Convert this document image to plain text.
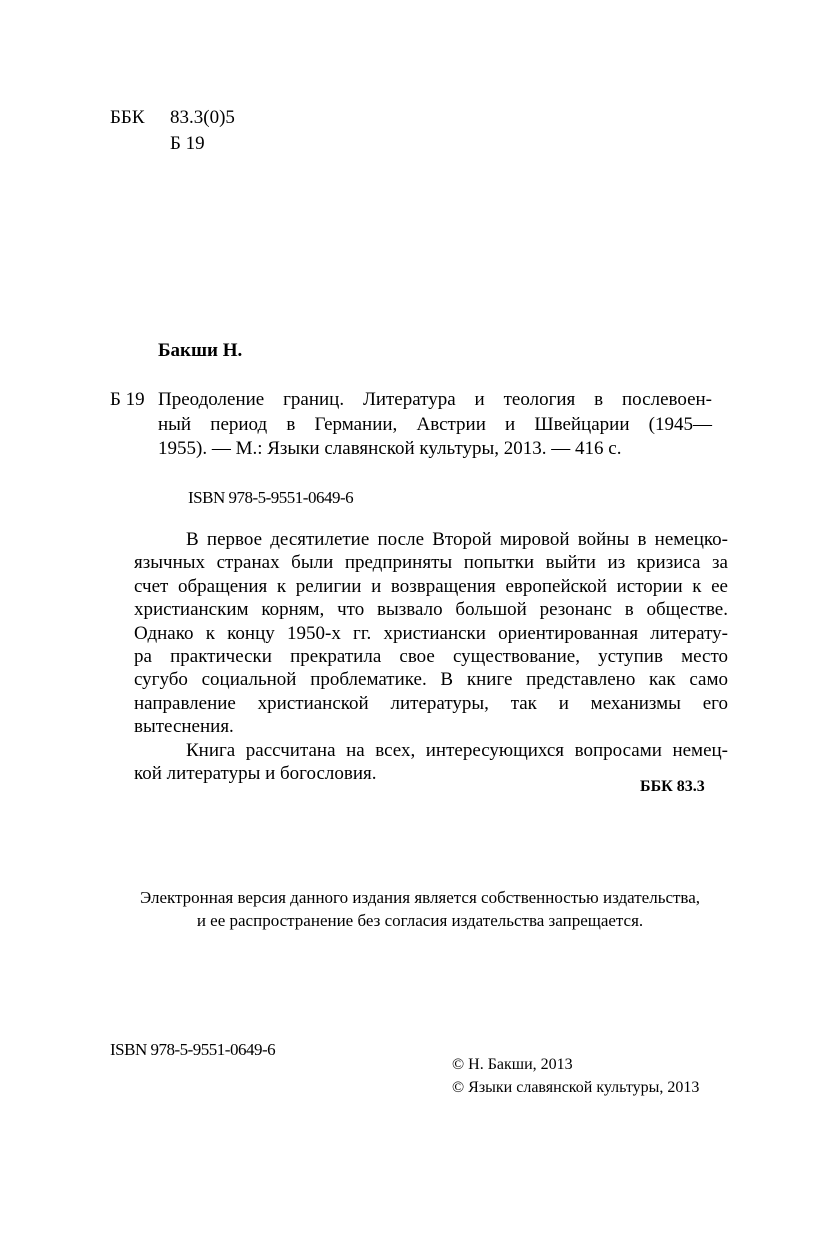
ББК 83.3(0)5
Б 19
Бакши Н.
Б 19 Преодоление границ. Литература и теология в послевоен-
ный период в Германии, Австрии и Швейцарии (1945—
1955). — М.: Языки славянской культуры, 2013. — 416 с.
ISBN 978-5-9551-0649-6
В первое десятилетие после Второй мировой войны в немецко-
язычных странах были предприняты попытки выйти из кризиса за
счет обращения к религии и возвращения европейской истории к ее
христианским корням, что вызвало большой резонанс в обществе.
Однако к концу 1950-х гг. христиански ориентированная литерату-
ра практически прекратила свое существование, уступив место
сугубо социальной проблематике. В книге представлено как само
направление христианской литературы, так и механизмы его
вытеснения.
Книга рассчитана на всех, интересующихся вопросами немец-
кой литературы и богословия.
ББК 83.3
Электронная версия данного издания является собственностью издательства,
и ее распространение без согласия издательства запрещается.
ISBN 978-5-9551-0649-6
© Н. Бакши, 2013
© Языки славянской культуры, 2013
